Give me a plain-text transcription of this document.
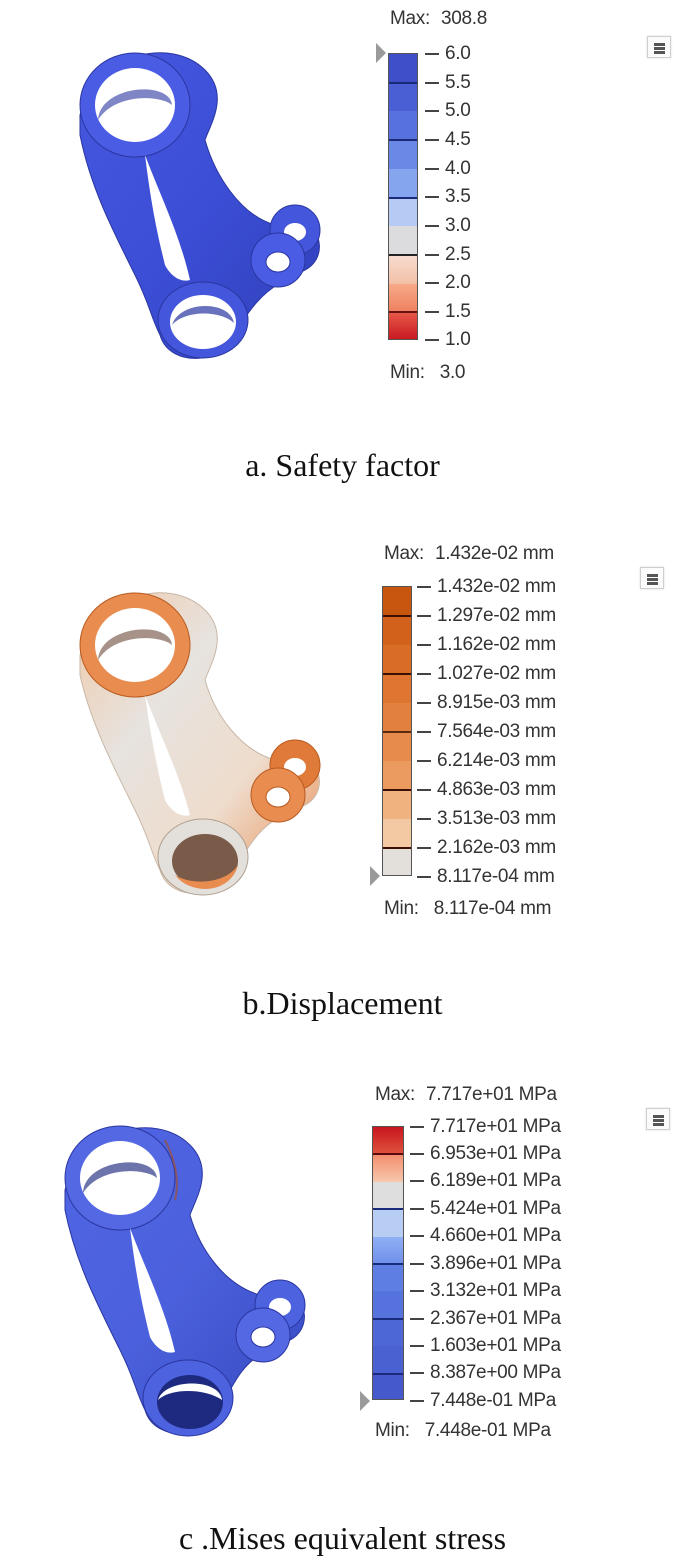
Max: 308.8
6.0
5.5
5.0
4.5
4.0
3.5
3.0
2.5
2.0
1.5
1.0
Min: 3.0
a. Safety factor
Max: 1.432e-02 mm
1.432e-02 mm
1.297e-02 mm
1.162e-02 mm
1.027e-02 mm
8.915e-03 mm
7.564e-03 mm
6.214e-03 mm
4.863e-03 mm
3.513e-03 mm
2.162e-03 mm
8.117e-04 mm
Min: 8.117e-04 mm
b.Displacement
Max: 7.717e+01 MPa
7.717e+01 MPa
6.953e+01 MPa
6.189e+01 MPa
5.424e+01 MPa
4.660e+01 MPa
3.896e+01 MPa
3.132e+01 MPa
2.367e+01 MPa
1.603e+01 MPa
8.387e+00 MPa
7.448e-01 MPa
Min: 7.448e-01 MPa
c .Mises equivalent stress
